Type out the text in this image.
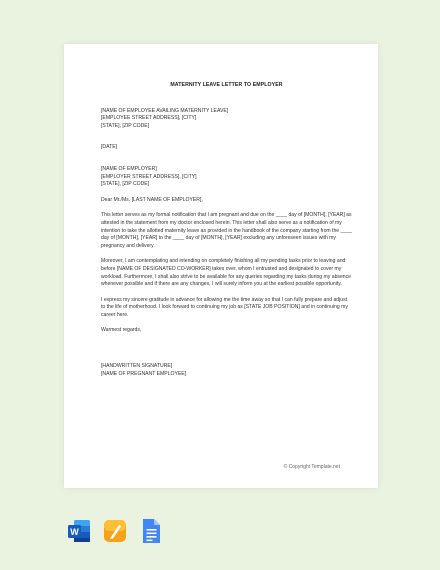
MATERNITY LEAVE LETTER TO EMPLOYER
[NAME OF EMPLOYEE AVAILING MATERNITY LEAVE]
[EMPLOYEE STREET ADDRESS], [CITY]
[STATE], [ZIP CODE]
[DATE]
[NAME OF EMPLOYER]
[EMPLOYER STREET ADDRESS], [CITY]
[STATE], [ZIP CODE]
Dear Mr./Ms. [LAST NAME OF EMPLOYER],
This letter serves as my formal notification that I am pregnant and due on the ____ day of [MONTH], [YEAR] as attested in the statement from my doctor enclosed herein. This letter shall also serve as a notification of my intention to take the allotted maternity leave as provided in the handbook of the company starting from the ____ day of [MONTH], [YEAR] to the ____ day of [MONTH], [YEAR] excluding any unforeseen issues with my pregnancy and delivery.
Moreover, I am contemplating and intending on completely finishing all my pending tasks prior to leaving and before [NAME OF DESIGNATED CO-WORKER] takes over, whom I entrusted and designated to cover my workload. Furthermore, I shall also strive to be available for any queries regarding my tasks during my absence whenever possible and if there are any changes, I will surely inform you at the earliest possible opportunity.
I express my sincere gratitude in advance for allowing me the time away so that I can fully prepare and adjust to the life of motherhood. I look forward to continuing my job as [STATE JOB POSITION] and in continuing my career here.
Warmest regards,
[HANDWRITTEN SIGNATURE]
[NAME OF PREGNANT EMPLOYEE]
© Copyright Template.net
W
